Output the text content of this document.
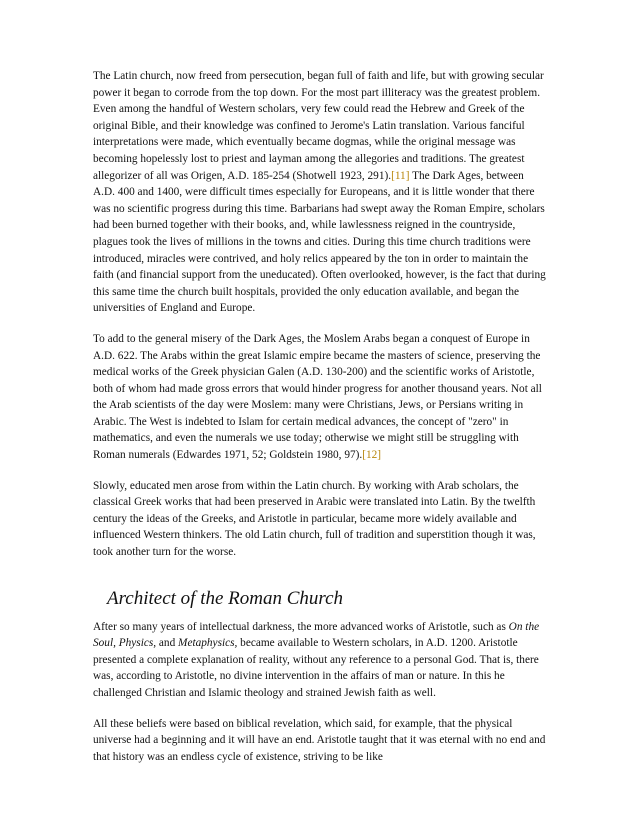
The Latin church, now freed from persecution, began full of faith and life, but with growing secular power it began to corrode from the top down. For the most part illiteracy was the greatest problem. Even among the handful of Western scholars, very few could read the Hebrew and Greek of the original Bible, and their knowledge was confined to Jerome's Latin translation. Various fanciful interpretations were made, which eventually became dogmas, while the original message was becoming hopelessly lost to priest and layman among the allegories and traditions. The greatest allegorizer of all was Origen, A.D. 185-254 (Shotwell 1923, 291).[11] The Dark Ages, between A.D. 400 and 1400, were difficult times especially for Europeans, and it is little wonder that there was no scientific progress during this time. Barbarians had swept away the Roman Empire, scholars had been burned together with their books, and, while lawlessness reigned in the countryside, plagues took the lives of millions in the towns and cities. During this time church traditions were introduced, miracles were contrived, and holy relics appeared by the ton in order to maintain the faith (and financial support from the uneducated). Often overlooked, however, is the fact that during this same time the church built hospitals, provided the only education available, and began the universities of England and Europe.

To add to the general misery of the Dark Ages, the Moslem Arabs began a conquest of Europe in A.D. 622. The Arabs within the great Islamic empire became the masters of science, preserving the medical works of the Greek physician Galen (A.D. 130-200) and the scientific works of Aristotle, both of whom had made gross errors that would hinder progress for another thousand years. Not all the Arab scientists of the day were Moslem: many were Christians, Jews, or Persians writing in Arabic. The West is indebted to Islam for certain medical advances, the concept of "zero" in mathematics, and even the numerals we use today; otherwise we might still be struggling with Roman numerals (Edwardes 1971, 52; Goldstein 1980, 97).[12]

Slowly, educated men arose from within the Latin church. By working with Arab scholars, the classical Greek works that had been preserved in Arabic were translated into Latin. By the twelfth century the ideas of the Greeks, and Aristotle in particular, became more widely available and influenced Western thinkers. The old Latin church, full of tradition and superstition though it was, took another turn for the worse.

Architect of the Roman Church

After so many years of intellectual darkness, the more advanced works of Aristotle, such as On the Soul, Physics, and Metaphysics, became available to Western scholars, in A.D. 1200. Aristotle presented a complete explanation of reality, without any reference to a personal God. That is, there was, according to Aristotle, no divine intervention in the affairs of man or nature. In this he challenged Christian and Islamic theology and strained Jewish faith as well.

All these beliefs were based on biblical revelation, which said, for example, that the physical universe had a beginning and it will have an end. Aristotle taught that it was eternal with no end and that history was an endless cycle of existence, striving to be like
